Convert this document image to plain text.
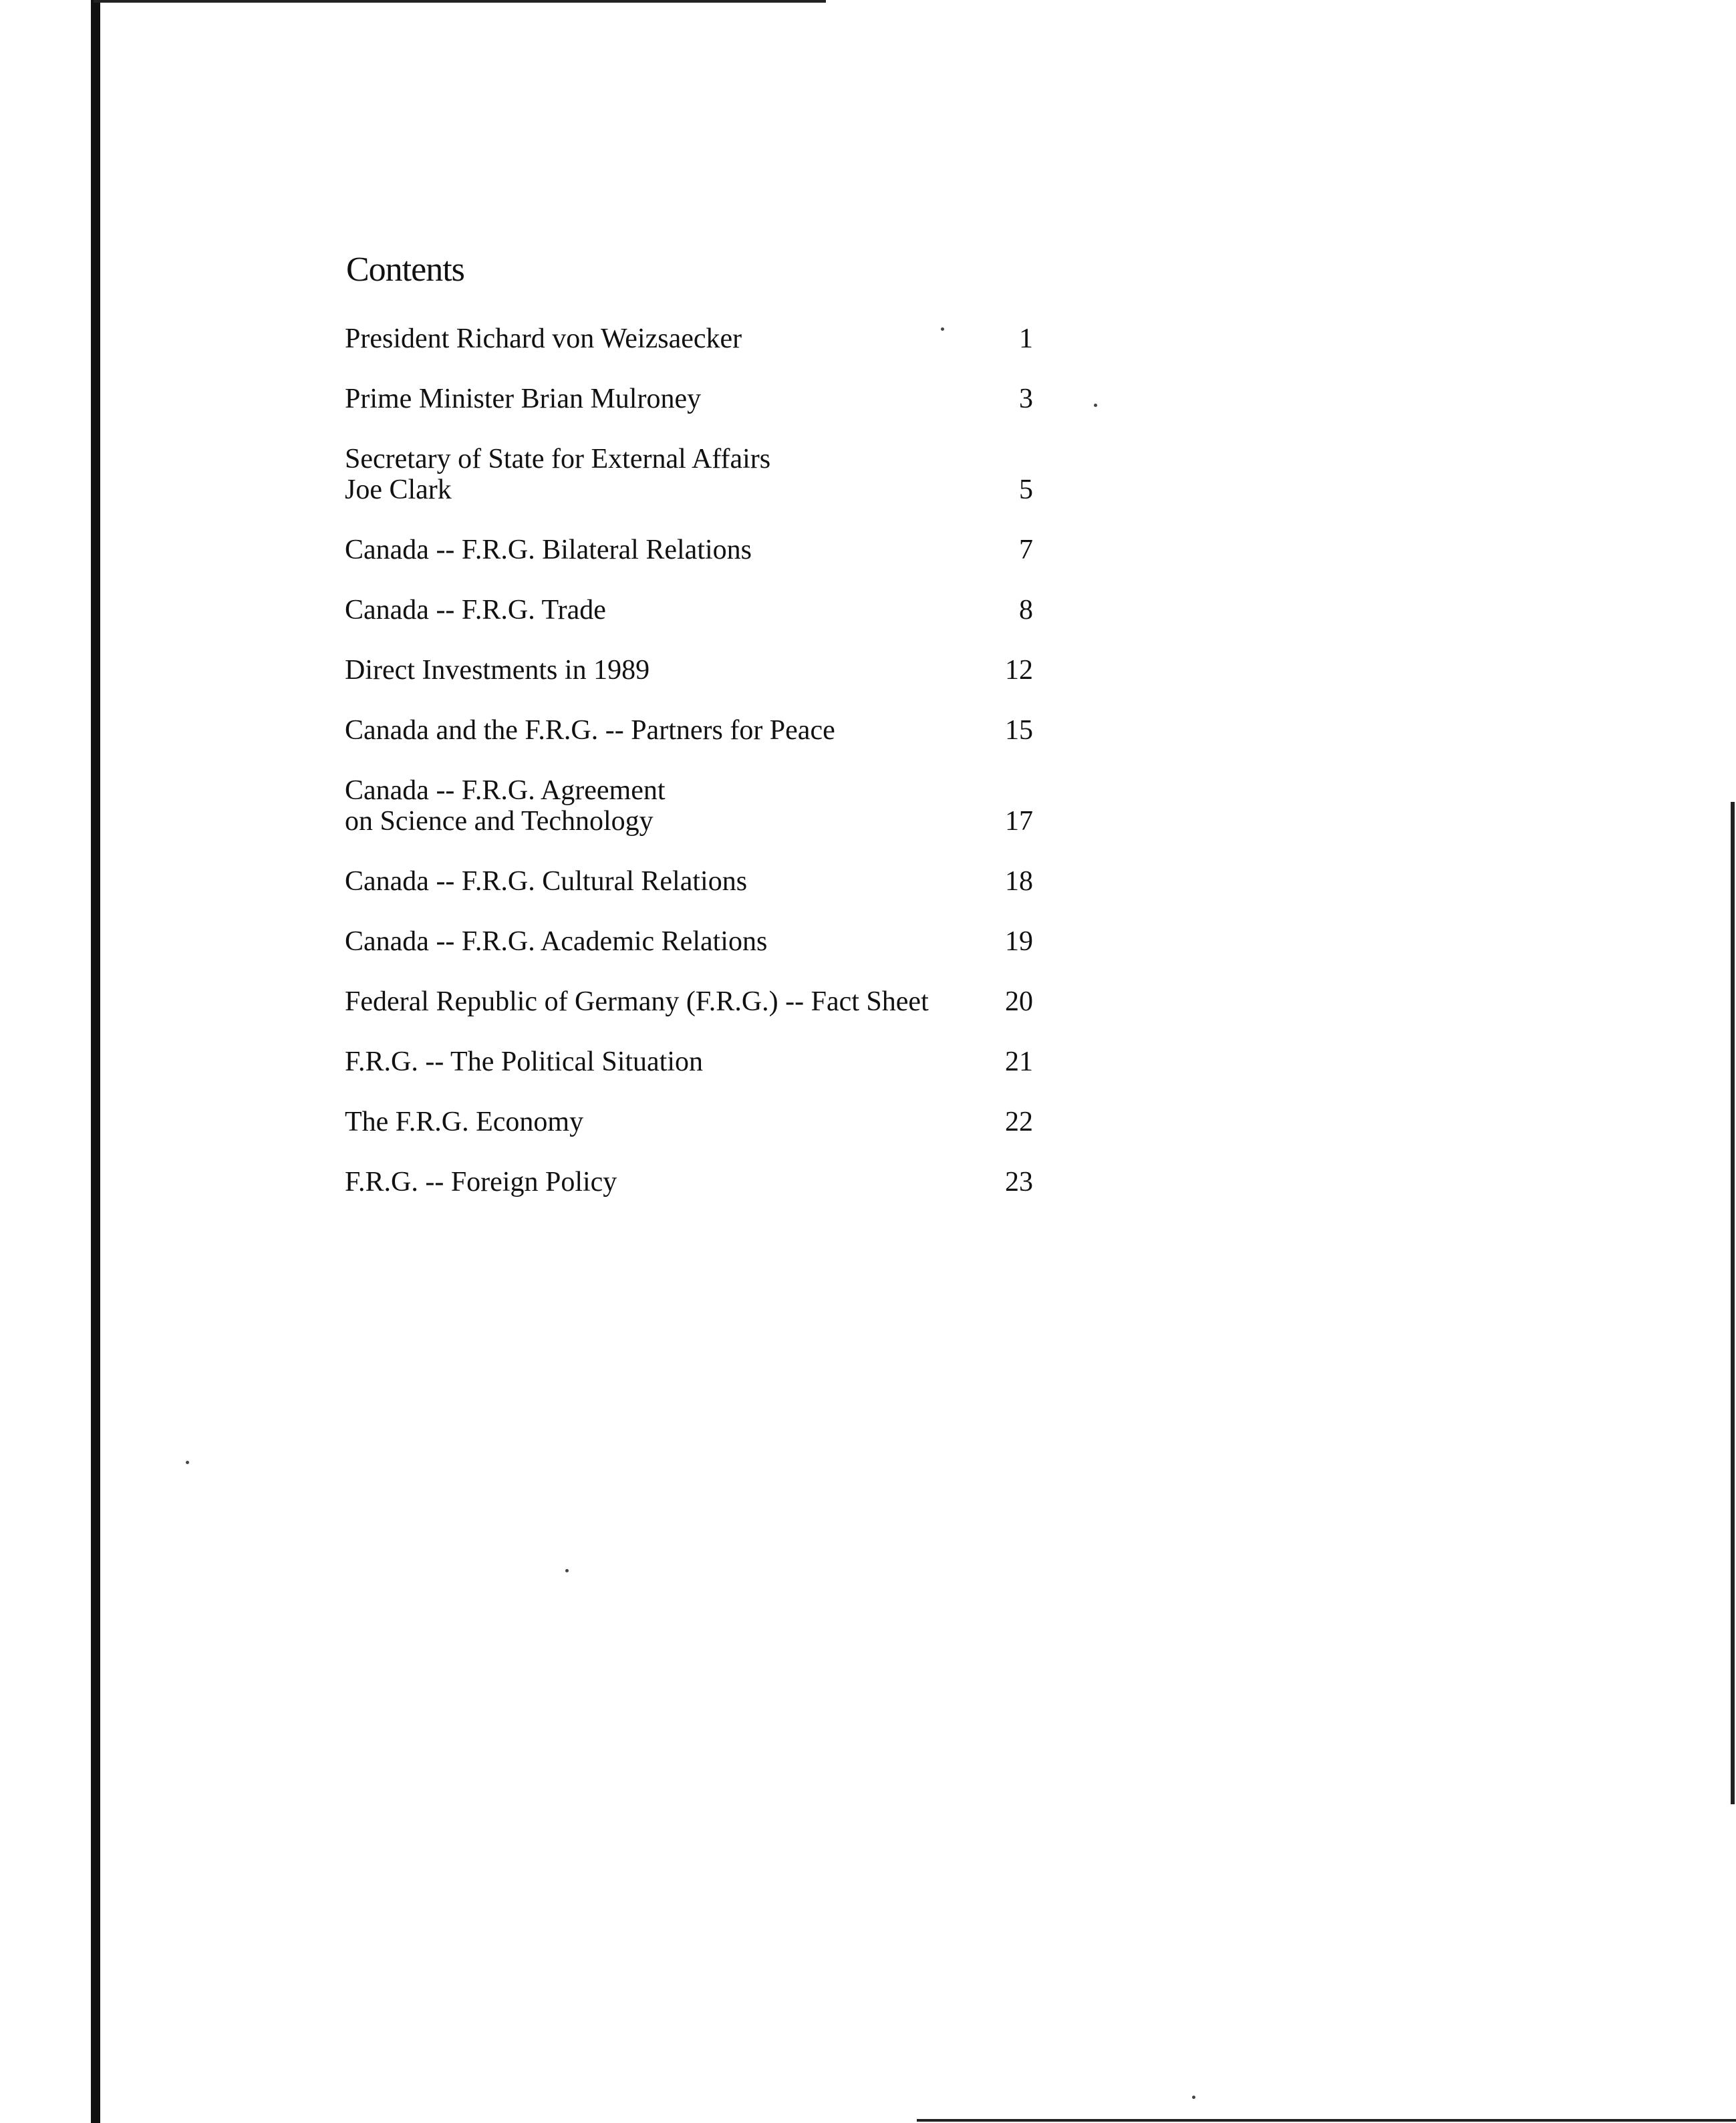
Contents
President Richard von Weizsaecker	1
Prime Minister Brian Mulroney	3
Secretary of State for External Affairs
Joe Clark	5
Canada -- F.R.G. Bilateral Relations	7
Canada -- F.R.G. Trade	8
Direct Investments in 1989	12
Canada and the F.R.G. -- Partners for Peace	15
Canada -- F.R.G. Agreement
on Science and Technology	17
Canada -- F.R.G. Cultural Relations	18
Canada -- F.R.G. Academic Relations	19
Federal Republic of Germany (F.R.G.) -- Fact Sheet	20
F.R.G. -- The Political Situation	21
The F.R.G. Economy	22
F.R.G. -- Foreign Policy	23
